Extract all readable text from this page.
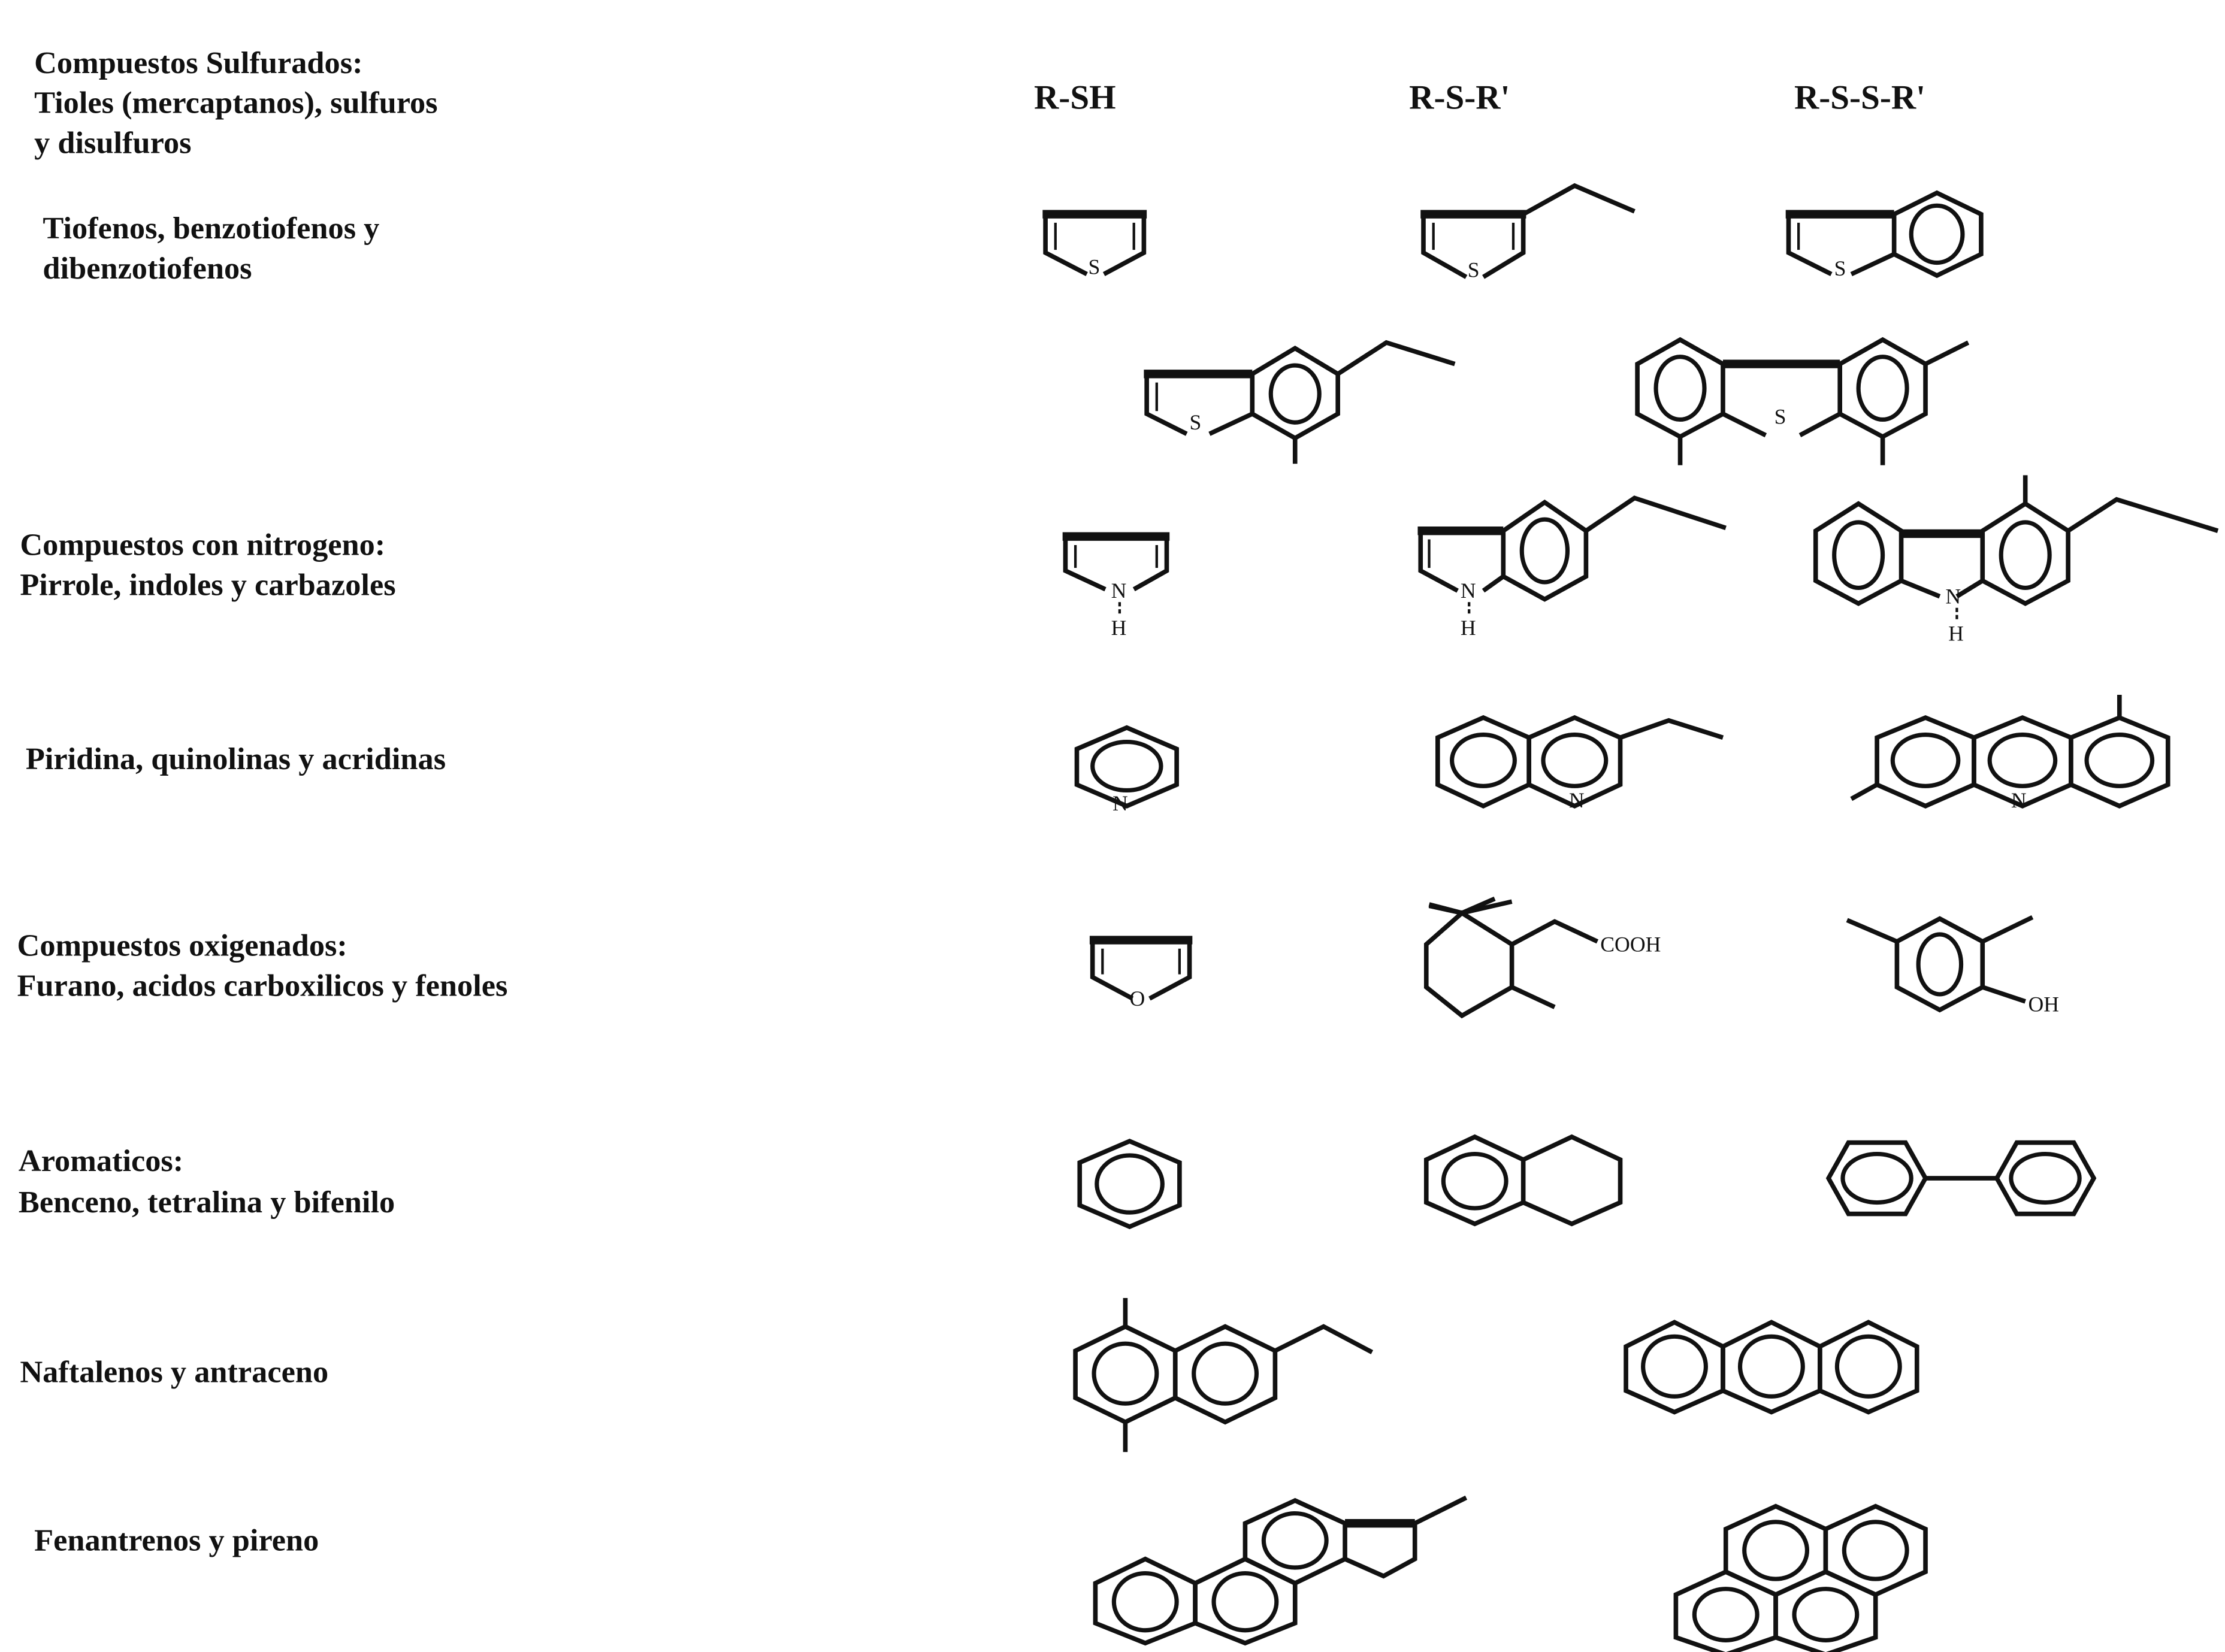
Compuestos Sulfurados:
Tioles (mercaptanos), sulfuros
y disulfuros
Tiofenos, benzotiofenos y
dibenzotiofenos
Compuestos con nitrogeno:
Pirrole, indoles y carbazoles
Piridina, quinolinas y acridinas
Compuestos oxigenados:
Furano, acidos carboxilicos y fenoles
Aromaticos:
Benceno, tetralina y bifenilo
Naftalenos y antraceno
Fenantrenos y pireno
R-SH	R-S-R'	R-S-S-R'
S	S	S
S	S
N
H
N
H
N
H
N	N	N
O
COOH
OH
